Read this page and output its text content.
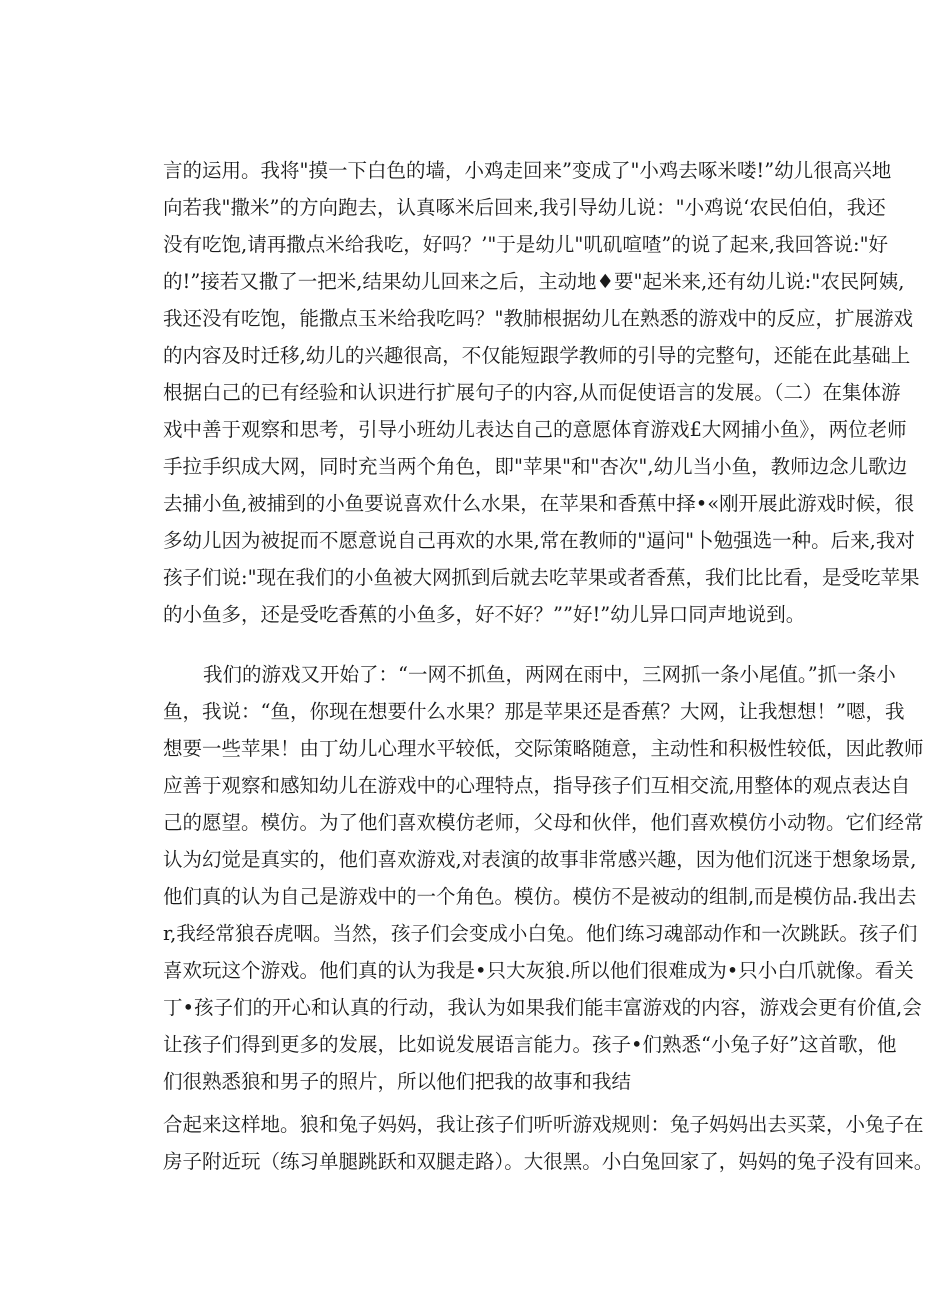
言的运用。我将"摸一下白色的墙，小鸡走回来”变成了"小鸡去啄米喽!”幼儿很高兴地
向若我"撒米”的方向跑去，认真啄米后回来,我引导幼儿说："小鸡说‘农民伯伯，我还
没有吃饱,请再撒点米给我吃，好吗？’"于是幼儿"叽矶喧喳”的说了起来,我回答说:"好
的!”接若又撒了一把米,结果幼儿回来之后，主动地♦要"起米来,还有幼儿说:"农民阿姨,
我还没有吃饱，能撒点玉米给我吃吗？"教肺根据幼儿在熟悉的游戏中的反应，扩展游戏
的内容及时迁移,幼儿的兴趣很高，不仅能短跟学教师的引导的完整句，还能在此基础上
根据白己的已有经验和认识进行扩展句子的内容,从而促使语言的发展。（二）在集体游
戏中善于观察和思考，引导小班幼儿表达自己的意愿体育游戏£大网捕小鱼》，两位老师
手拉手织成大网，同时充当两个角色，即"苹果"和"杏次",幼儿当小鱼，教师边念儿歌边
去捕小鱼,被捕到的小鱼要说喜欢什么水果，在苹果和香蕉中择•«刚开展此游戏时候，很
多幼儿因为被捉而不愿意说自己再欢的水果,常在教师的"逼问"卜勉强选一种。后来,我对
孩子们说:"现在我们的小鱼被大网抓到后就去吃苹果或者香蕉，我们比比看，是受吃苹果
的小鱼多，还是受吃香蕉的小鱼多，好不好？””好!”幼儿异口同声地说到。
我们的游戏又开始了：“一网不抓鱼，两网在雨中，三网抓一条小尾值。”抓一条小
鱼，我说：“鱼，你现在想要什么水果？那是苹果还是香蕉？大网，让我想想！”嗯，我
想要一些苹果！由丁幼儿心理水平较低，交际策略随意，主动性和积极性较低，因此教师
应善于观察和感知幼儿在游戏中的心理特点，指导孩子们互相交流,用整体的观点表达自
己的愿望。模仿。为了他们喜欢模仿老师，父母和伙伴，他们喜欢模仿小动物。它们经常
认为幻觉是真实的，他们喜欢游戏,对表演的故事非常感兴趣，因为他们沉迷于想象场景,
他们真的认为自己是游戏中的一个角色。模仿。模仿不是被动的组制,而是模仿品.我出去
r,我经常狼吞虎咽。当然，孩子们会变成小白兔。他们练习魂部动作和一次跳跃。孩子们
喜欢玩这个游戏。他们真的认为我是•只大灰狼.所以他们很难成为•只小白爪就像。看关
丁•孩子们的开心和认真的行动，我认为如果我们能丰富游戏的内容，游戏会更有价值,会
让孩子们得到更多的发展，比如说发展语言能力。孩子•们熟悉“小兔子好”这首歌，他
们很熟悉狼和男子的照片，所以他们把我的故事和我结
合起来这样地。狼和兔子妈妈，我让孩子们听听游戏规则：兔子妈妈出去买菜，小兔子在
房子附近玩（练习单腿跳跃和双腿走路）。大很黑。小白兔回家了，妈妈的兔子没有回来。
